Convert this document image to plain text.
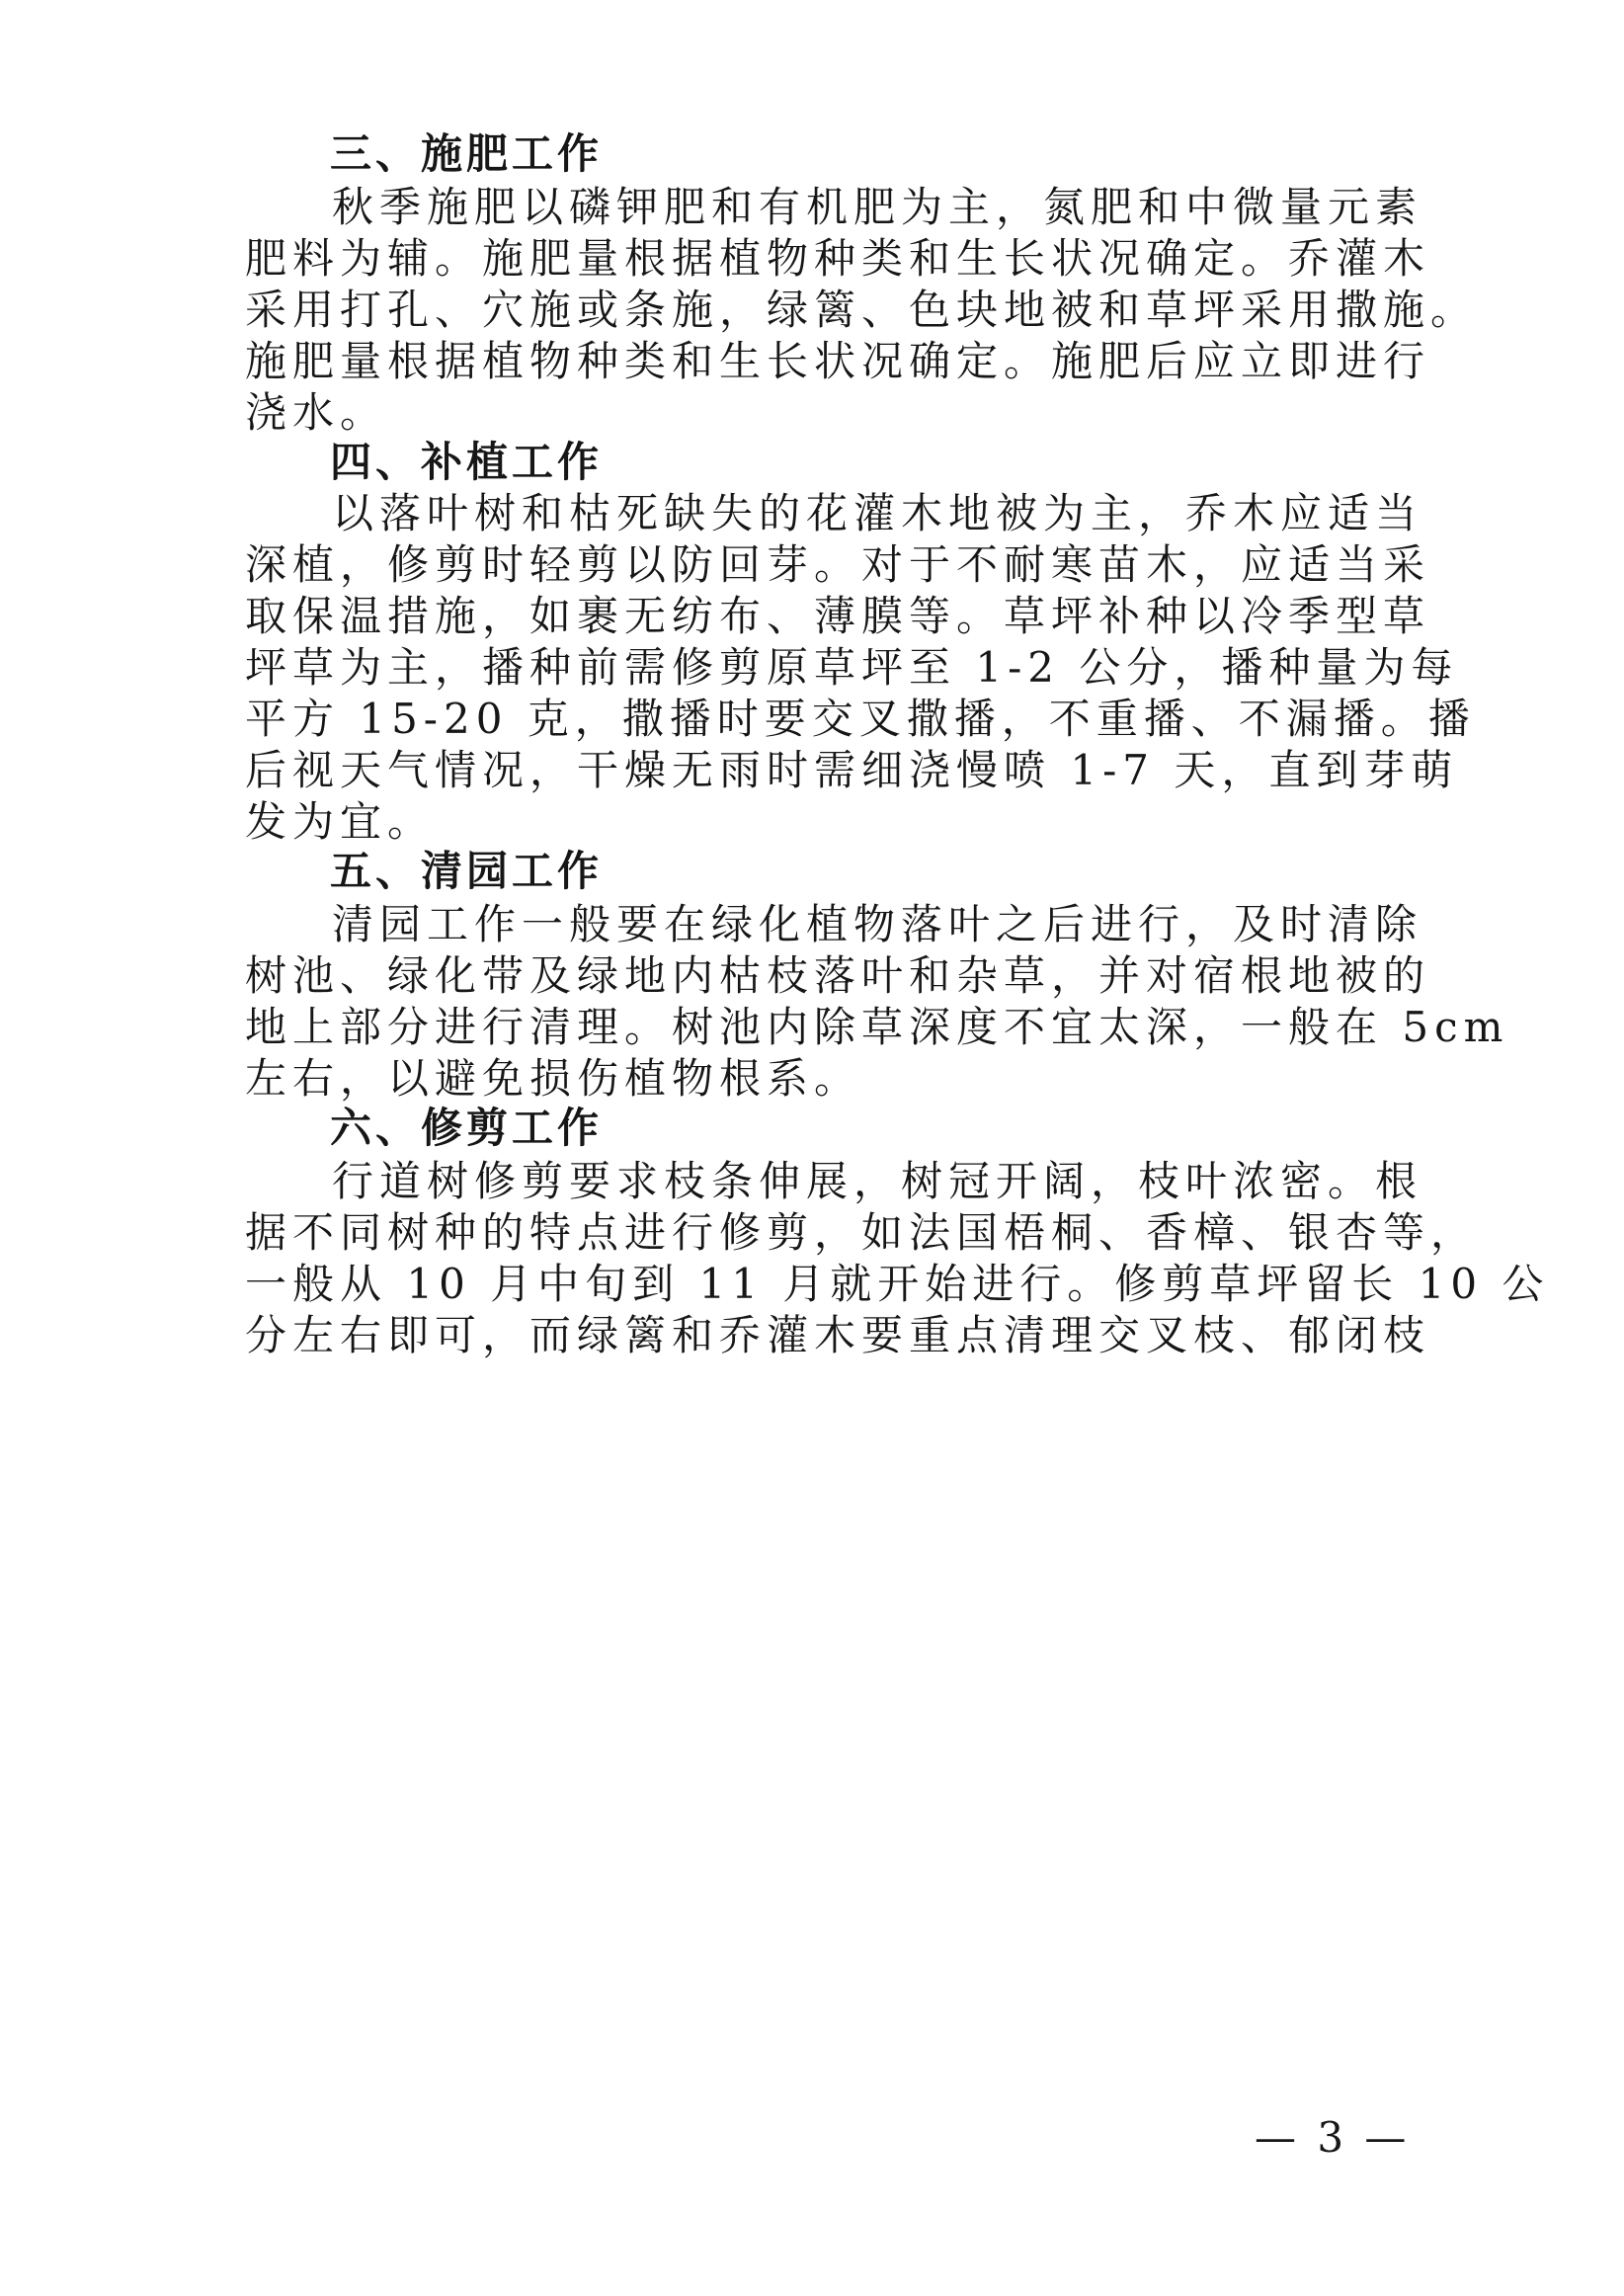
三、施肥工作
秋季施肥以磷钾肥和有机肥为主，氮肥和中微量元素
肥料为辅。施肥量根据植物种类和生长状况确定。乔灌木
采用打孔、穴施或条施，绿篱、色块地被和草坪采用撒施。
施肥量根据植物种类和生长状况确定。施肥后应立即进行
浇水。
四、补植工作
以落叶树和枯死缺失的花灌木地被为主，乔木应适当
深植，修剪时轻剪以防回芽。对于不耐寒苗木，应适当采
取保温措施，如裹无纺布、薄膜等。草坪补种以冷季型草
坪草为主，播种前需修剪原草坪至 1-2 公分，播种量为每
平方 15-20 克，撒播时要交叉撒播，不重播、不漏播。播
后视天气情况，干燥无雨时需细浇慢喷 1-7 天，直到芽萌
发为宜。
五、清园工作
清园工作一般要在绿化植物落叶之后进行，及时清除
树池、绿化带及绿地内枯枝落叶和杂草，并对宿根地被的
地上部分进行清理。树池内除草深度不宜太深，一般在 5cm
左右，以避免损伤植物根系。
六、修剪工作
行道树修剪要求枝条伸展，树冠开阔，枝叶浓密。根
据不同树种的特点进行修剪，如法国梧桐、香樟、银杏等，
一般从 10 月中旬到 11 月就开始进行。修剪草坪留长 10 公
分左右即可，而绿篱和乔灌木要重点清理交叉枝、郁闭枝
— 3 —
